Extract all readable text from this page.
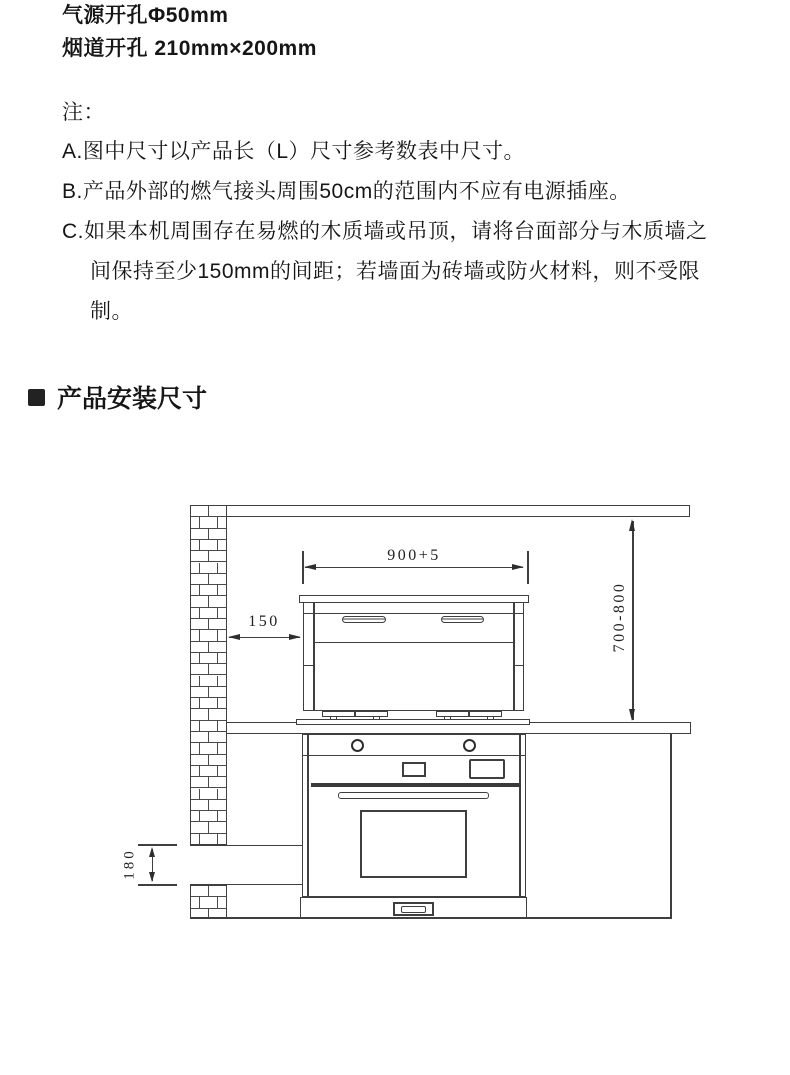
气源开孔Φ50mm
烟道开孔 210mm×200mm
注：
A.图中尺寸以产品长（L）尺寸参考数表中尺寸。
B.产品外部的燃气接头周围50cm的范围内不应有电源插座。
C.如果本机周围存在易燃的木质墙或吊顶，请将台面部分与木质墙之
间保持至少150mm的间距；若墙面为砖墙或防火材料，则不受限
制。
产品安装尺寸
900+5
150	700-800
180
